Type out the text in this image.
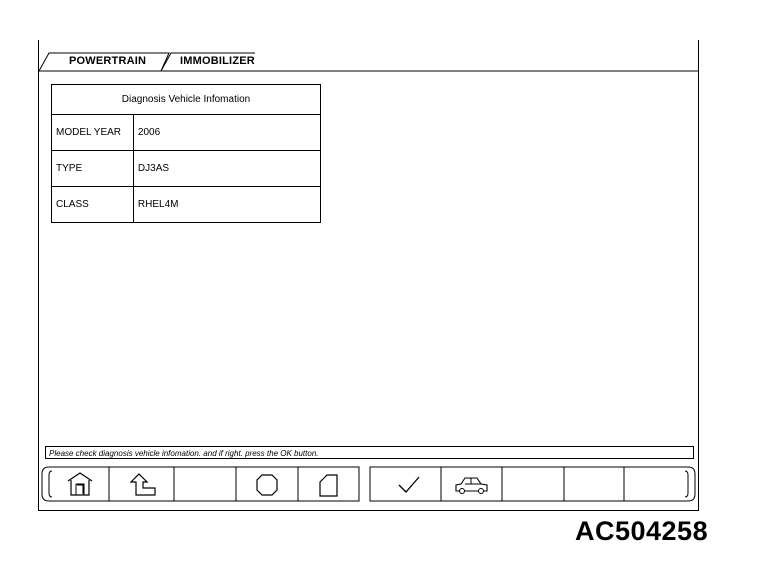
POWERTRAIN	IMMOBILIZER
Diagnosis Vehicle Infomation	
MODEL YEAR	2006
TYPE	DJ3AS
CLASS	RHEL4M
Please check diagnosis vehicle infomation. and if right. press the OK button.
AC504258
